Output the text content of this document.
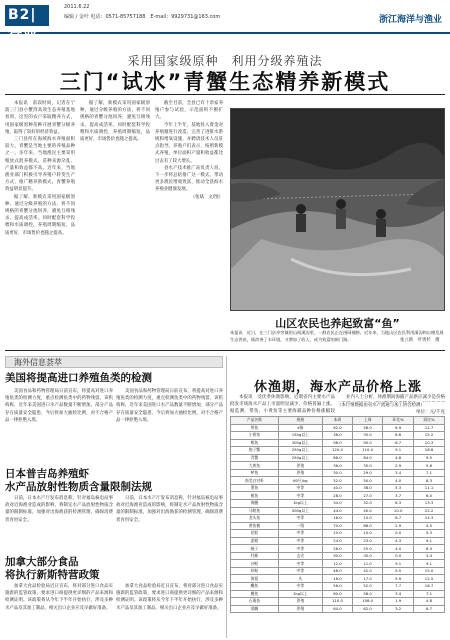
B2|行业
2011.6.22
编辑 / 金叶 电话：0571-85757188　E-mail：9929731@163.com	浙江海洋与渔业
采用国家级原种　利用分级养殖法
三门“试水”青蟹生态精养新模式

本报讯　前段时间，记者在宁波三门县小蟹湾高效生态养殖基地看到，这里的农户采取精养方式，用国家级原种苗种开展青蟹分级养殖，取得了较好的经济效益。

三门县所在海域海水养殖面积较大，青蟹是当地主要的养殖品种之一。多年来，当地渔民主要采用粗放式混养模式，苗种来源杂乱、产量和效益都不高。近年来，当地渔业部门积极引导养殖户转变生产方式，推广精养新模式，青蟹养殖效益明显提升。

据了解，新模式采用国家级原种，通过分级养殖的方法，将不同规格的青蟹分池饲养，避免互相残杀，提高成活率。同时配套科学投喂和水质调控，养殖周期缩短，品质更好，市场售价也随之提高。

据了解，新模式采用国家级原种，通过分级养殖的方法，将不同规格的青蟹分池饲养，避免互相残杀，提高成活率。同时配套科学投喂和水质调控，养殖周期缩短，品质更好，市场售价也随之提高。

截至目前，全县已有十余家养殖户参与试验，示范面积不断扩大。

今年上半年，基地投入资金对养殖塘进行改造，完善了进排水系统和增氧设施，并聘请技术人员驻点指导。养殖户们表示，按照新模式养殖，单位面积产量和收益都比过去有了较大增长。

县水产技术推广站负责人说，下一步将总结推广这一模式，带动更多渔民增收致富，推动全县海水养殖业健康发展。

（张斌　文/图）

山区农民也养起致富“鱼”
本报讯　近日，在三门县亭旁镇的山间溪沟里，一群农民正在围网捕捞。近年来，当地山区农民利用溪沟和山塘发展生态养鱼，既改善了水环境，又增加了收入，成为致富的新门路。	张立新　叶勇杉　摄
海外信息荟萃
美国将提高进口养殖鱼类的检测

美国食品和药物管理局日前宣布，将提高对进口养殖鱼类的检测力度，重点检测鱼类中的药物残留。该机构称，近年来美国进口水产品数量不断增加，部分产品存在质量安全隐患，今后将加大抽检比例，对不合格产品一律拒绝入境。

美国食品和药物管理局日前宣布，将提高对进口养殖鱼类的检测力度，重点检测鱼类中的药物残留。该机构称，近年来美国进口水产品数量不断增加，部分产品存在质量安全隐患，今后将加大抽检比例，对不合格产品一律拒绝入境。

日本普吉岛养殖虾
水产品放射性物质含量限制法规

日前，日本水产厅发布消息称，针对福岛核电站事故对近海渔业造成的影响，将制定水产品放射性物质含量的限制标准，加强对出海渔获的检测管理，确保消费者食用安全。

日前，日本水产厅发布消息称，针对福岛核电站事故对近海渔业造成的影响，将制定水产品放射性物质含量的限制标准，加强对出海渔获的检测管理，确保消费者食用安全。

加拿大部分食品
将执行新斯特营政策

加拿大食品检验局近日宣布，将对部分进口食品实施新的监管政策，要求进口商提供更详细的产品来源和检测证明。该政策将从今年下半年开始执行，涉及多种水产品及其加工制品，相关出口企业应及早做好准备。

加拿大食品检验局近日宣布，将对部分进口食品实施新的监管政策，要求进口商提供更详细的产品来源和检测证明。该政策将从今年下半年开始执行，涉及多种水产品及其加工制品，相关出口企业应及早做好准备。

休渔期，海水产品价格上涨

本报讯　受伏季休渔影响，近期省内主要水产品批发市场海水产品上市量明显减少，价格普遍上涨。据监测，带鱼、小黄鱼等主要海捕品种价格涨幅较

业内人士分析，休渔期间海捕产品供应减少是价格

（本行情数据由省水产流通与加工协会检测）
单位：元/千克
产品名称	规格	本周	上周	环比%	同比%
带鱼	4指	62.0	58.0	6.9	12.7
小黄鱼	150g以上	38.0	35.0	8.6	15.2
鲳鱼	300g以上	96.0	90.0	6.7	10.3
梭子蟹	250g以上	120.0	110.0	9.1	18.6
青蟹	250g以上	88.0	84.0	4.8	9.5
大黄鱼	养殖	36.0	35.0	2.9	5.8
鲈鱼	养殖	30.0	29.0	3.4	7.1
南美白对虾	60只/kg	52.0	50.0	4.0	8.3
墨鱼	中等	40.0	38.0	5.3	11.1
鱿鱼	中等	28.0	27.0	3.7	6.0
海鳗	1kg以上	34.0	32.0	6.3	13.3
马鲛鱼	500g以上	44.0	40.0	10.0	22.2
龙头鱼	中等	16.0	15.0	6.7	14.3
黄鱼鲞	一级	70.0	68.0	2.9	4.5
花蛤	中等	10.0	10.0	0.0	5.3
泥蚶	中等	24.0	23.0	4.3	9.1
蛏子	中等	26.0	25.0	4.0	8.3
牡蛎	去壳	30.0	30.0	0.0	3.4
沙蛤	中等	12.0	11.0	9.1	9.1
虾蛄	中等	46.0	42.0	9.5	15.0
海蜇	头	18.0	17.0	5.9	12.5
鳓鱼	中等	56.0	52.0	7.7	16.7
鮸鱼	1kg以上	60.0	58.0	3.4	7.1
石斑鱼	养殖	110.0	108.0	1.9	4.8
黑鲷	养殖	64.0	62.0	3.2	6.7
